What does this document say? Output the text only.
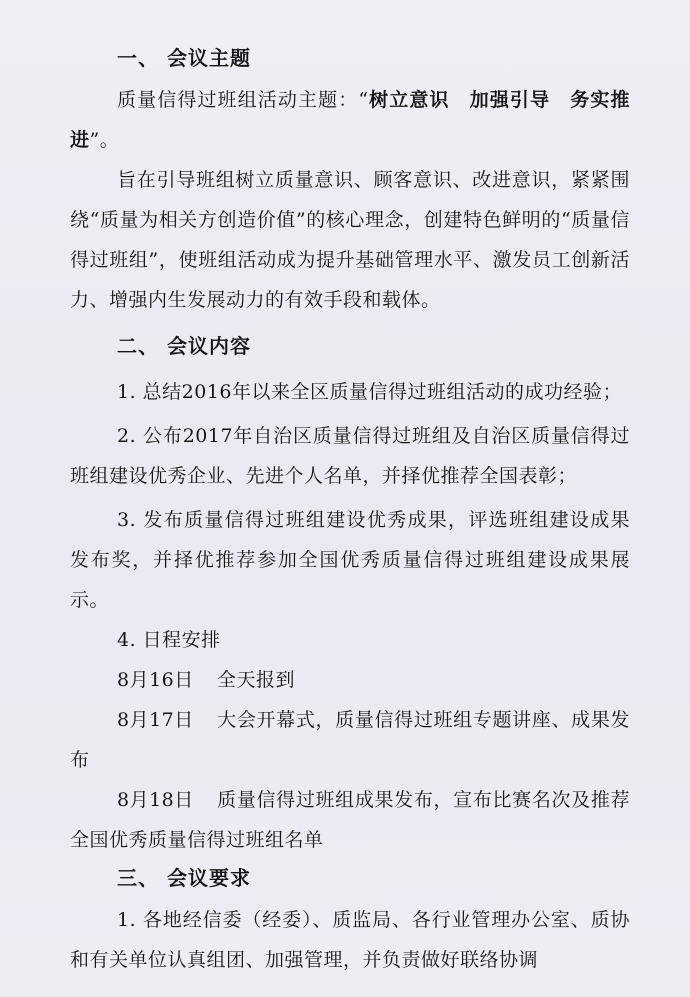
一、 会议主题

质量信得过班组活动主题：“树立意识　加强引导　务实推进”。

旨在引导班组树立质量意识、顾客意识、改进意识，紧紧围绕“质量为相关方创造价值”的核心理念，创建特色鲜明的“质量信得过班组”，使班组活动成为提升基础管理水平、激发员工创新活力、增强内生发展动力的有效手段和载体。

二、 会议内容

1. 总结2016年以来全区质量信得过班组活动的成功经验；

2. 公布2017年自治区质量信得过班组及自治区质量信得过班组建设优秀企业、先进个人名单，并择优推荐全国表彰；

3. 发布质量信得过班组建设优秀成果，评选班组建设成果发布奖，并择优推荐参加全国优秀质量信得过班组建设成果展示。

4. 日程安排

8月16日 全天报到

8月17日 大会开幕式，质量信得过班组专题讲座、成果发布

8月18日 质量信得过班组成果发布，宣布比赛名次及推荐全国优秀质量信得过班组名单

三、 会议要求

1. 各地经信委（经委）、质监局、各行业管理办公室、质协和有关单位认真组团、加强管理，并负责做好联络协调
